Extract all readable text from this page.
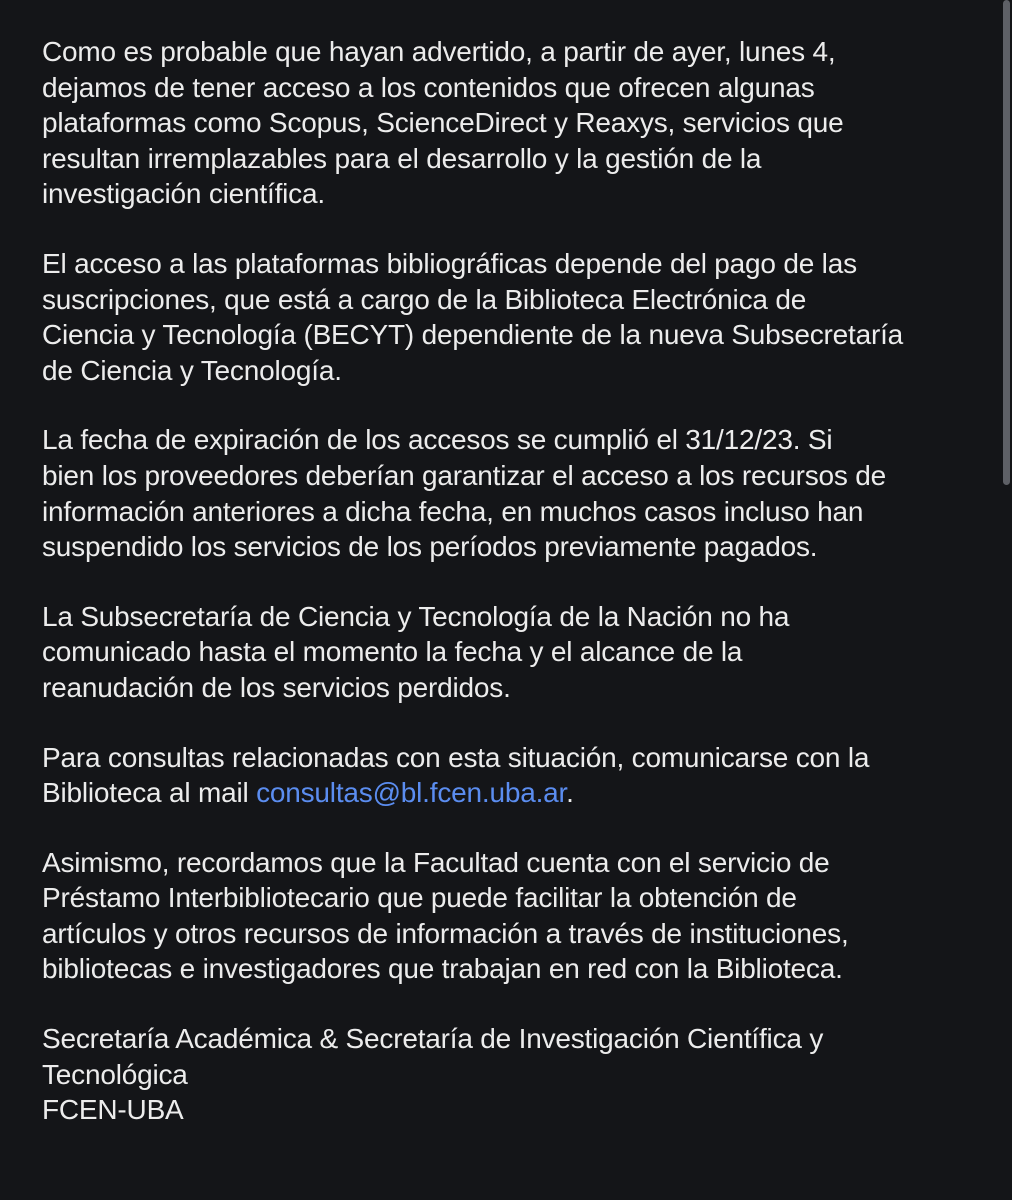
Como es probable que hayan advertido, a partir de ayer, lunes 4,
dejamos de tener acceso a los contenidos que ofrecen algunas
plataformas como Scopus, ScienceDirect y Reaxys, servicios que
resultan irremplazables para el desarrollo y la gestión de la
investigación científica.

El acceso a las plataformas bibliográficas depende del pago de las
suscripciones, que está a cargo de la Biblioteca Electrónica de
Ciencia y Tecnología (BECYT) dependiente de la nueva Subsecretaría
de Ciencia y Tecnología.

La fecha de expiración de los accesos se cumplió el 31/12/23. Si
bien los proveedores deberían garantizar el acceso a los recursos de
información anteriores a dicha fecha, en muchos casos incluso han
suspendido los servicios de los períodos previamente pagados.

La Subsecretaría de Ciencia y Tecnología de la Nación no ha
comunicado hasta el momento la fecha y el alcance de la
reanudación de los servicios perdidos.

Para consultas relacionadas con esta situación, comunicarse con la
Biblioteca al mail consultas@bl.fcen.uba.ar.

Asimismo, recordamos que la Facultad cuenta con el servicio de
Préstamo Interbibliotecario que puede facilitar la obtención de
artículos y otros recursos de información a través de instituciones,
bibliotecas e investigadores que trabajan en red con la Biblioteca.

Secretaría Académica & Secretaría de Investigación Científica y
Tecnológica
FCEN-UBA
